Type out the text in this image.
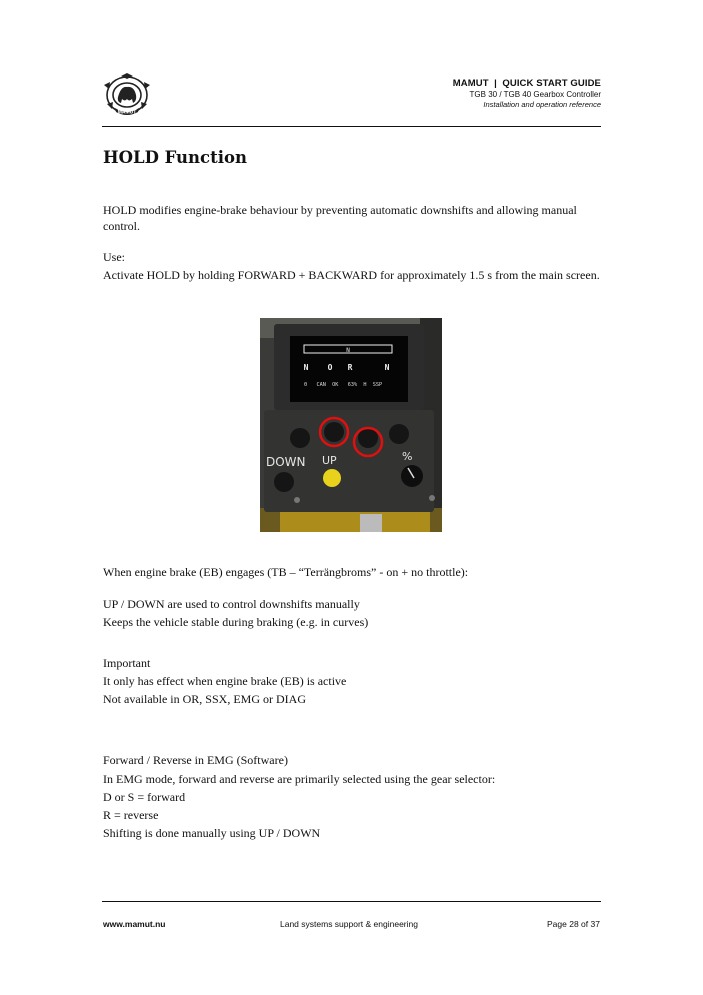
MAMUT
MAMUT  |  QUICK START GUIDE
TGB 30 / TGB 40 Gearbox Controller
Installation and operation reference
HOLD Function
HOLD modifies engine-brake behaviour by preventing automatic downshifts and allowing manual control.
Use:
Activate HOLD by holding FORWARD + BACKWARD for approximately 1.5 s from the main screen.
N
N O R	N
0   CAN  OK   63%  H  SSP
DOWN UP	%
When engine brake (EB) engages (TB – “Terrängbroms” - on + no throttle):
UP / DOWN are used to control downshifts manually
Keeps the vehicle stable during braking (e.g. in curves)
Important
It only has effect when engine brake (EB) is active
Not available in OR, SSX, EMG or DIAG
Forward / Reverse in EMG (Software)
In EMG mode, forward and reverse are primarily selected using the gear selector:
D or S = forward
R = reverse
Shifting is done manually using UP / DOWN
www.mamut.nu	Land systems support & engineering	Page 28 of 37
